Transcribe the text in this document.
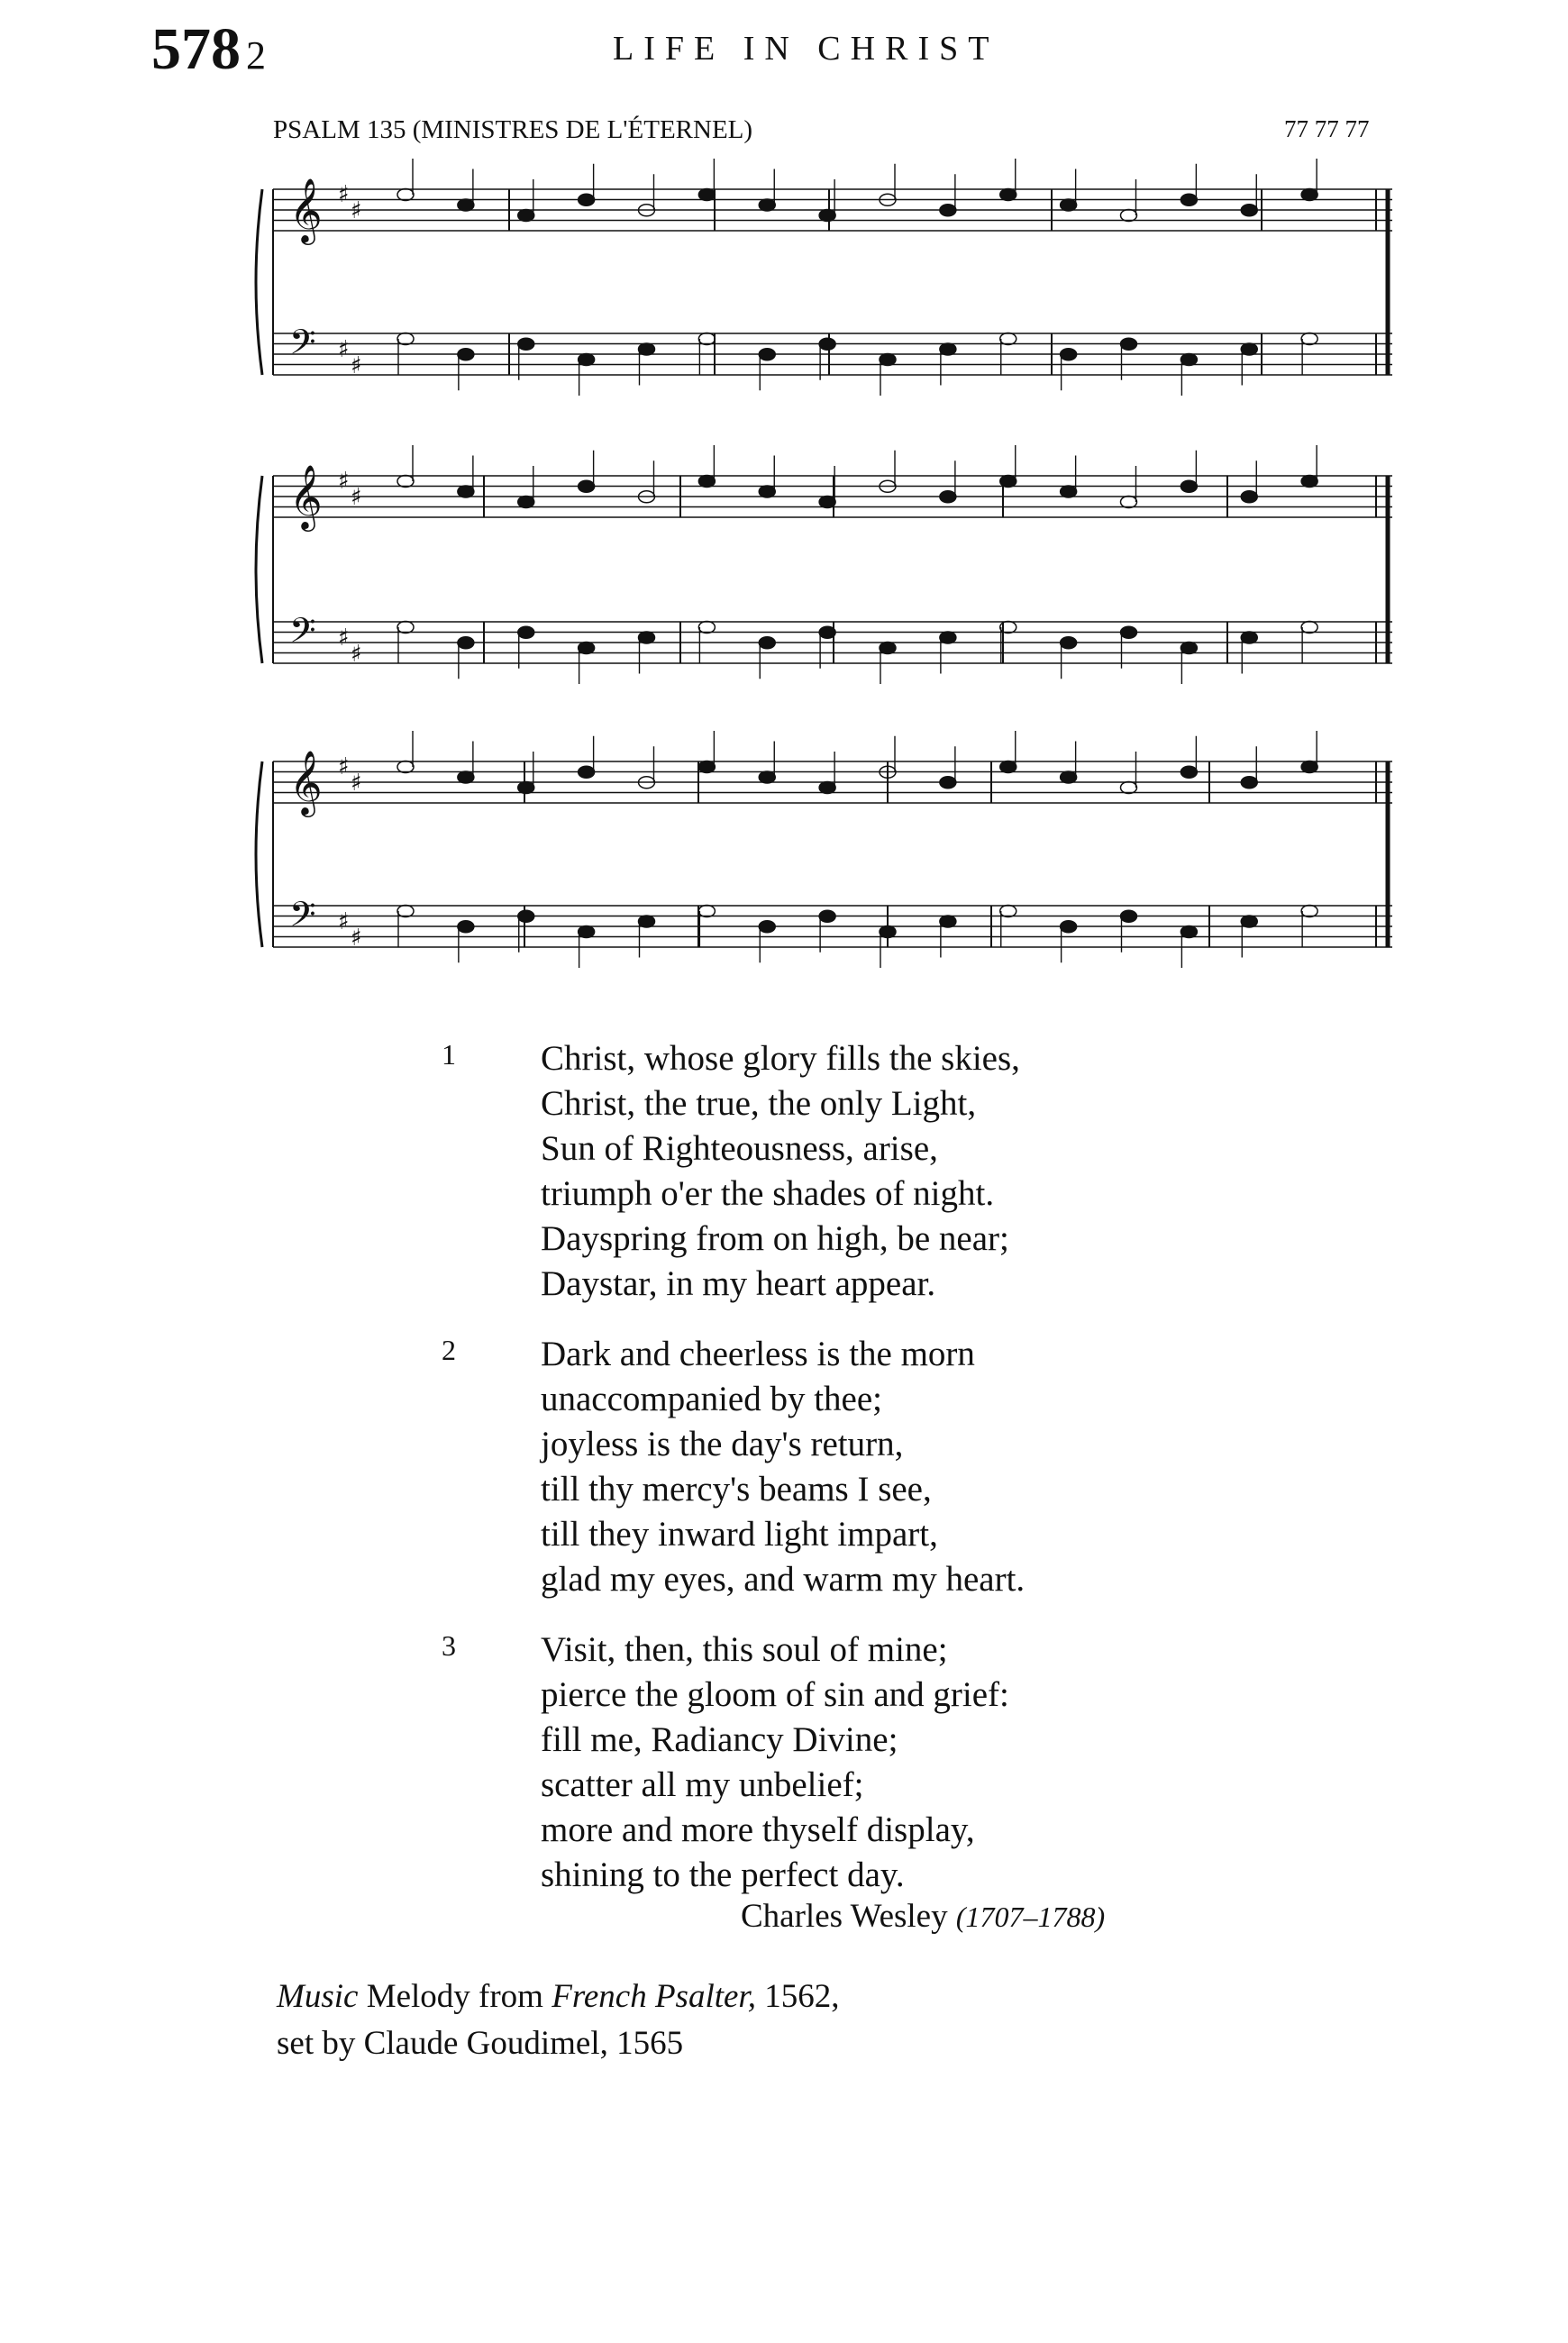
578 2	LIFE IN CHRIST
PSALM 135 (MINISTRES DE L'ÉTERNEL)	77 77 77
𝄞 ♯
♯
𝄢 ♯
♯
𝄞 ♯
♯
𝄢 ♯
♯
𝄞 ♯
♯
𝄢 ♯
♯
1 Christ, whose glory fills the skies,
Christ, the true, the only Light,
Sun of Righteousness, arise,
triumph o'er the shades of night.
Dayspring from on high, be near;
Daystar, in my heart appear.
2 Dark and cheerless is the morn
unaccompanied by thee;
joyless is the day's return,
till thy mercy's beams I see,
till they inward light impart,
glad my eyes, and warm my heart.
3 Visit, then, this soul of mine;
pierce the gloom of sin and grief:
fill me, Radiancy Divine;
scatter all my unbelief;
more and more thyself display,
shining to the perfect day.
Charles Wesley (1707–1788)
Music Melody from French Psalter, 1562,
set by Claude Goudimel, 1565
